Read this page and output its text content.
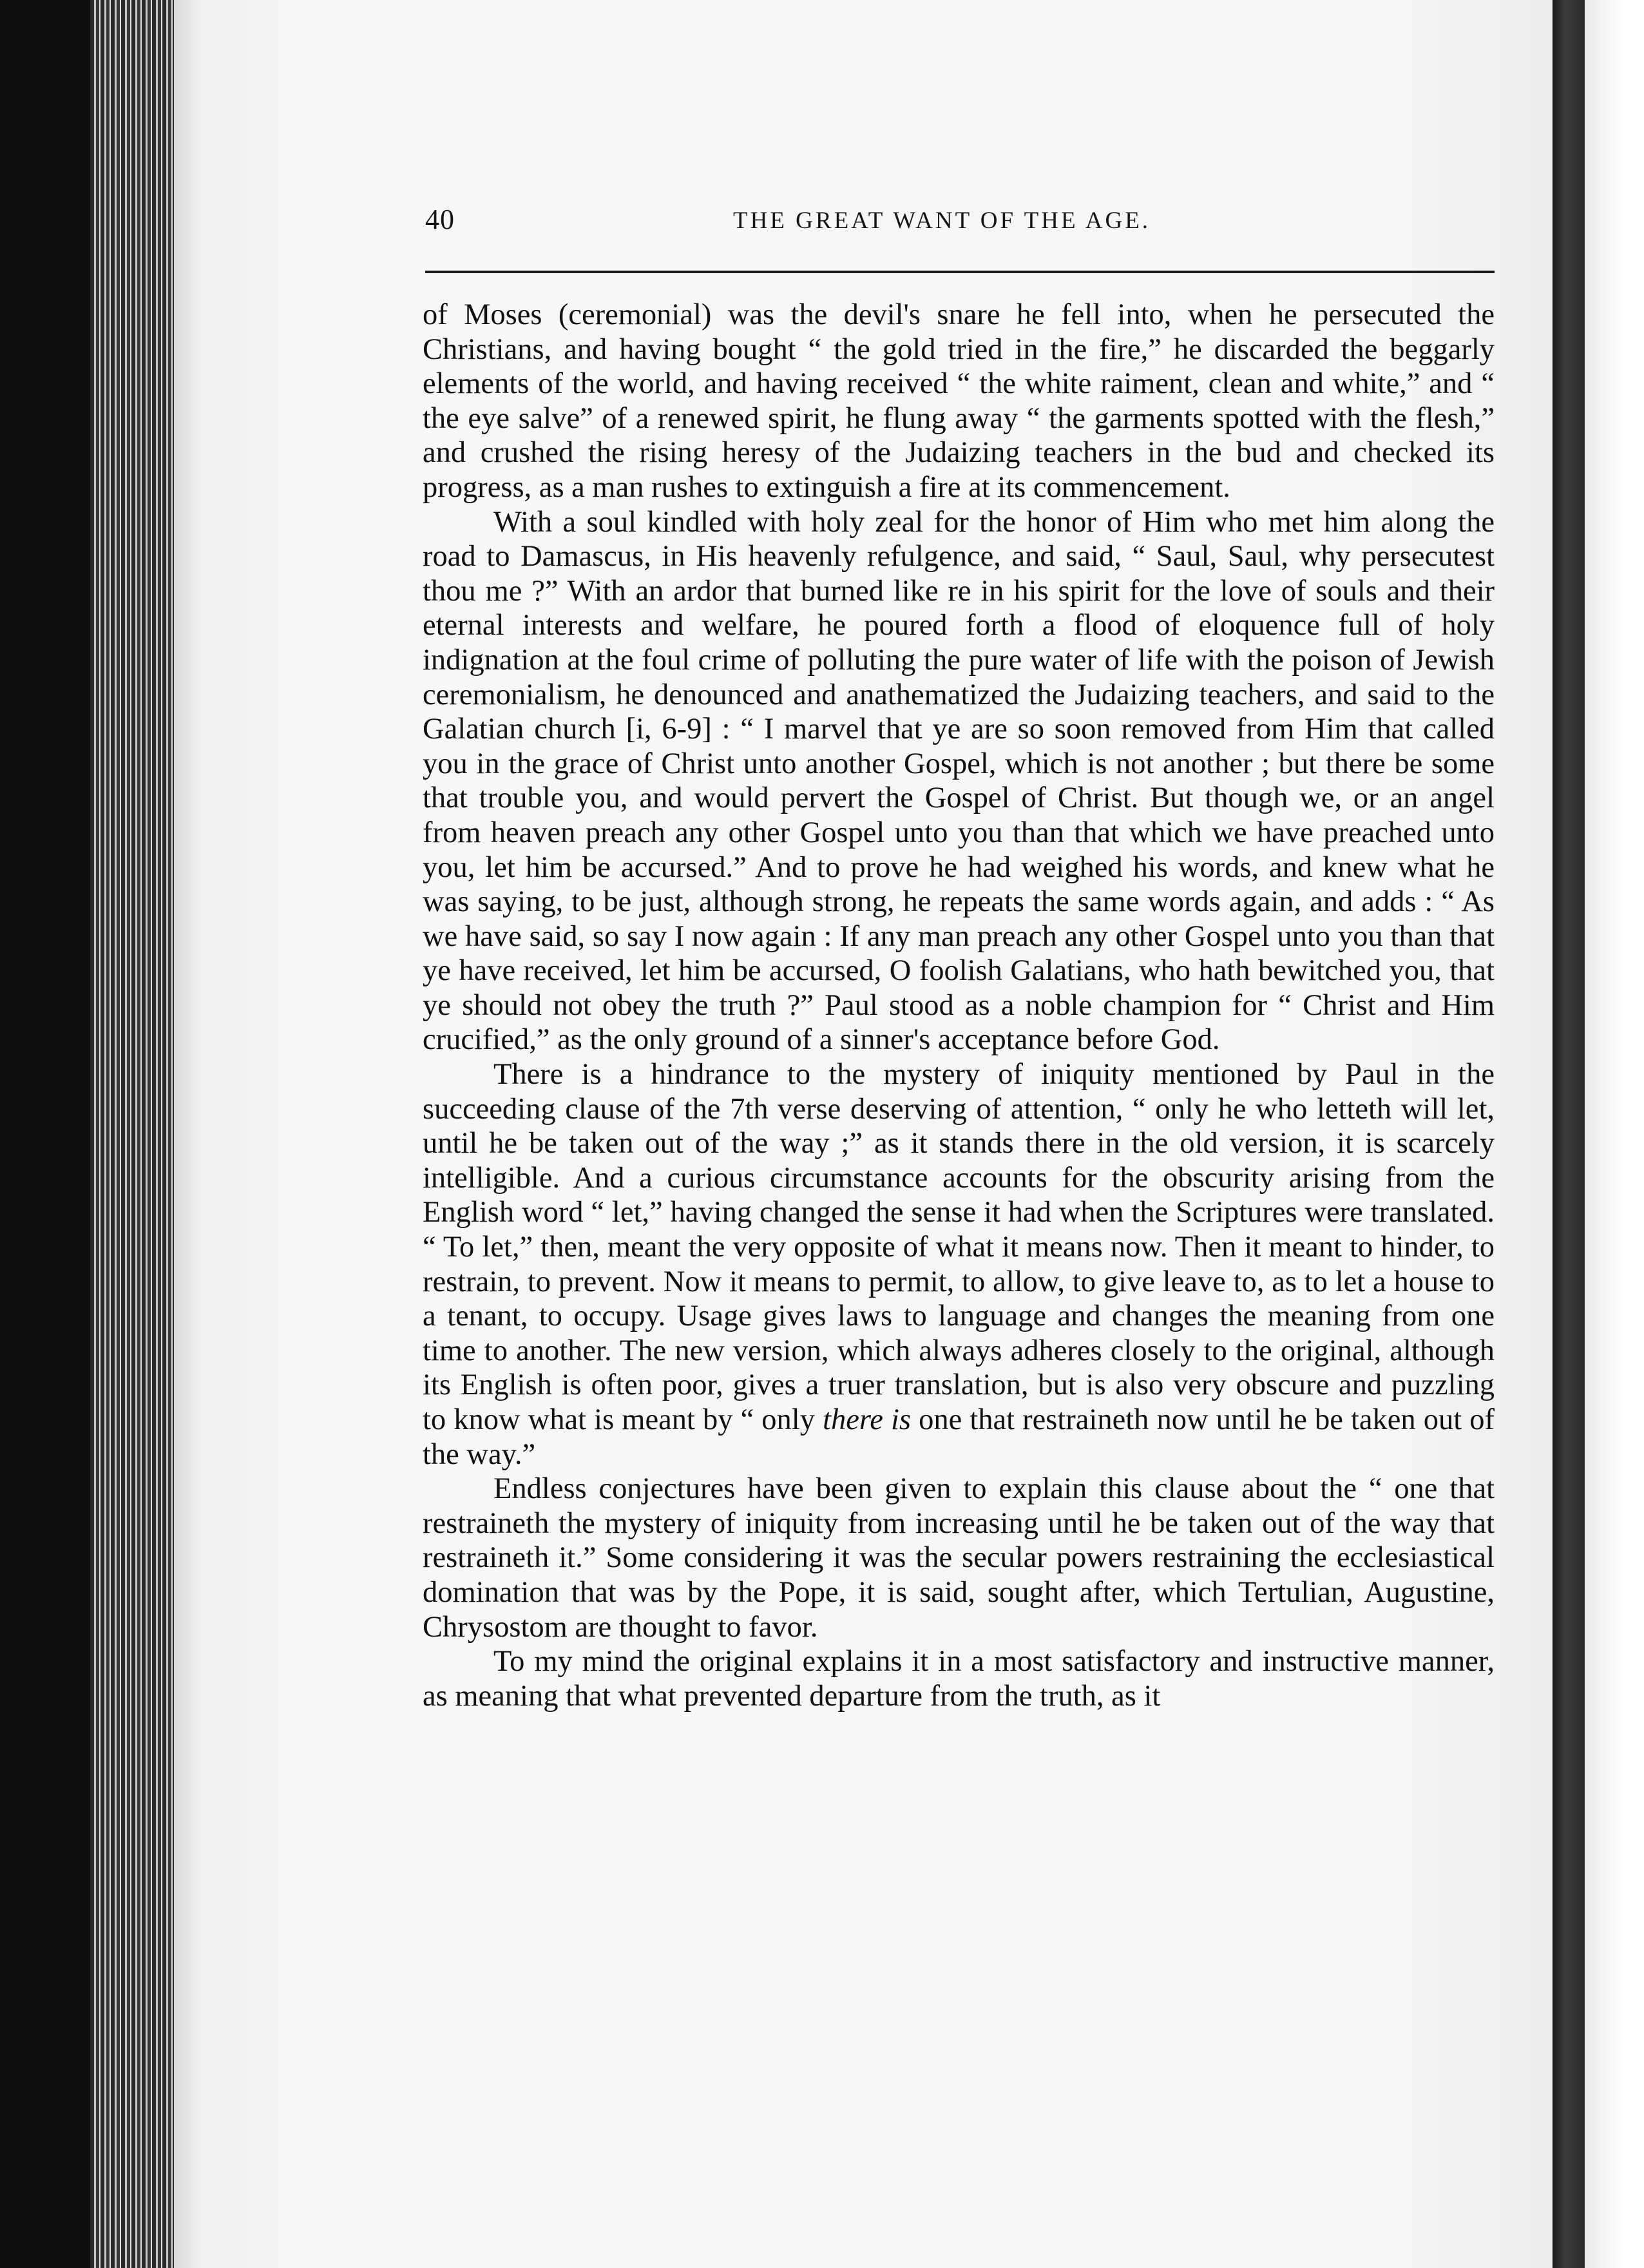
40	THE GREAT WANT OF THE AGE.

of Moses (ceremonial) was the devil's snare he fell into, when he persecuted the Christians, and having bought “ the gold tried in the fire,” he discarded the beggarly elements of the world, and having received “ the white raiment, clean and white,” and “ the eye salve” of a renewed spirit, he flung away “ the garments spotted with the flesh,” and crushed the rising heresy of the Judaizing teachers in the bud and checked its progress, as a man rushes to extinguish a fire at its commencement.

With a soul kindled with holy zeal for the honor of Him who met him along the road to Damascus, in His heavenly refulgence, and said, “ Saul, Saul, why persecutest thou me ?” With an ardor that burned like re in his spirit for the love of souls and their eternal interests and welfare, he poured forth a flood of eloquence full of holy indignation at the foul crime of polluting the pure water of life with the poison of Jewish ceremonialism, he denounced and anathematized the Judaizing teachers, and said to the Galatian church [i, 6-9] : “ I marvel that ye are so soon removed from Him that called you in the grace of Christ unto another Gospel, which is not another ; but there be some that trouble you, and would pervert the Gospel of Christ. But though we, or an angel from heaven preach any other Gospel unto you than that which we have preached unto you, let him be accursed.” And to prove he had weighed his words, and knew what he was saying, to be just, although strong, he repeats the same words again, and adds : “ As we have said, so say I now again : If any man preach any other Gospel unto you than that ye have received, let him be accursed, O foolish Galatians, who hath bewitched you, that ye should not obey the truth ?” Paul stood as a noble champion for “ Christ and Him crucified,” as the only ground of a sinner's acceptance before God.

There is a hindrance to the mystery of iniquity mentioned by Paul in the succeeding clause of the 7th verse deserving of attention, “ only he who letteth will let, until he be taken out of the way ;” as it stands there in the old version, it is scarcely intelligible. And a curious circumstance accounts for the obscurity arising from the English word “ let,” having changed the sense it had when the Scriptures were translated. “ To let,” then, meant the very opposite of what it means now. Then it meant to hinder, to restrain, to prevent. Now it means to permit, to allow, to give leave to, as to let a house to a tenant, to occupy. Usage gives laws to language and changes the meaning from one time to another. The new version, which always adheres closely to the original, although its English is often poor, gives a truer translation, but is also very obscure and puzzling to know what is meant by “ only there is one that restraineth now until he be taken out of the way.”

Endless conjectures have been given to explain this clause about the “ one that restraineth the mystery of iniquity from increasing until he be taken out of the way that restraineth it.” Some considering it was the secular powers restraining the ecclesiastical domination that was by the Pope, it is said, sought after, which Tertulian, Augustine, Chrysostom are thought to favor.

To my mind the original explains it in a most satisfactory and instructive manner, as meaning that what prevented departure from the truth, as it
